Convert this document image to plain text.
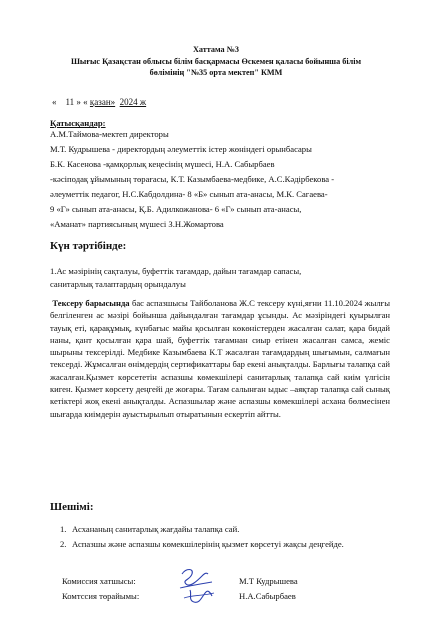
Хаттама №3
Шығыс Қазақстан облысы білім басқармасы Өскемен қаласы бойынша білім
бөлімінің "№35 орта мектеп" КММ
« 11 » « қазан» 2024 ж
Қатысқандар:
А.М.Таймова-мектеп директоры
М.Т. Кудрышева - директордың әлеуметтік істер жөніндегі орынбасары
Б.К. Касенова -қамқорлық кеңесінің мүшесі, Н.А. Сабырбаев
-кәсіподақ ұйымының төрағасы, К.Т. Казымбаева-медбике, А.С.Кәдірбекова -
әлеуметтік педагог, Н.С.Кабдолдина- 8 «Б» сынып ата-анасы, М.К. Сагаева-
9 «Г» сынып ата-анасы, Қ.Б. Адилкожанова- 6 «Г» сынып ата-анасы,
«Аманат» партиясының мүшесі З.Н.Жомартова
Күн тәртібінде:
1.Ас мәзірінің сақталуы, буфеттік тағамдар, дайын тағамдар сапасы,
санитарлық талаптардың орындалуы
Тексеру барысында бас аспазшысы Тайболанова Ж.С тексеру күні,яғни 11.10.2024 жылғы белгіленген ас мәзірі бойынша дайындалған тағамдар ұсынды. Ас мәзіріндегі қуырылған тауық еті, қарақұмық, күнбағыс майы қосылған көкөністерден жасалған салат, қара бидай наны, қант қосылған қара шай, буфеттік тағамнан сиыр етінен жасалған самса, жеміс шырыны тексерілді. Медбике Казымбаева К.Т жасалған тағамдардың шығымын, салмағын тексерді. Жұмсалған өнімдердің сертификаттары бар екені анықталды. Барлығы талапқа сай жасалған.Қызмет көрсететін аспазшы көмекшілері санитарлық талапқа сай киім үлгісін киген. Қызмет көрсету деңгейі де жоғары. Тағам салынған ыдыс –аяқтар талапқа сай сынық кетіктері жоқ екені анықталды. Аспазшылар және аспазшы көмекшілері асхана бөлмесінен шығарда киімдерін ауыстырылып отыратынын ескертіп айтты.
Шешімі:
1. Асхананың санитарлық жағдайы талапқа сай.
2. Аспазшы және аспазшы көмекшілерінің қызмет көрсетуі жақсы деңгейде.
Комиссия хатшысы:	М.Т Кудрышева
Комтссия төрайымы:	Н.А.Сабырбаев
